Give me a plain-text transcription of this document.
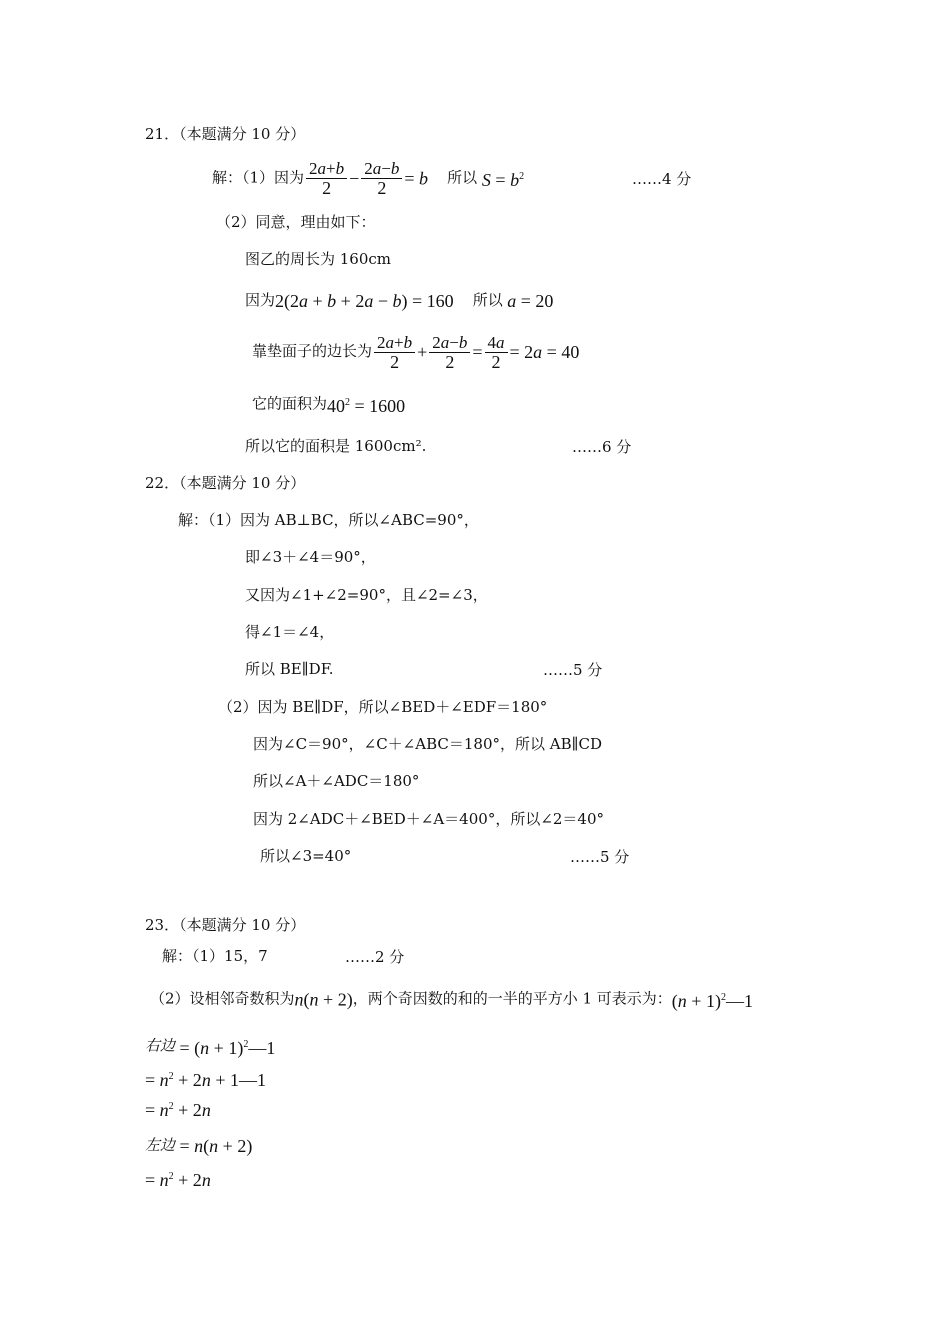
21．（本题满分 10 分）
解：（1）因为 $\frac{2a+b}{2} - \frac{2a-b}{2} = b$ 所以 $S = b^2$	……4 分
（2）同意，理由如下：
图乙的周长为 160cm
因为2(2a + b + 2a − b) = 160 所以 a = 20
靠垫面子的边长为 $\frac{2a+b}{2} + \frac{2a-b}{2} = \frac{4a}{2} = 2a = 40$
它的面积为$40^2 = 1600$
所以它的面积是 1600cm².	……6 分
22．（本题满分 10 分）
解：（1）因为 AB⊥BC，所以∠ABC=90°，
即∠3＋∠4＝90°，
又因为∠1+∠2=90°，且∠2=∠3，
得∠1＝∠4，
所以 BE∥DF.	……5 分
（2）因为 BE∥DF，所以∠BED＋∠EDF＝180°
因为∠C＝90°，∠C＋∠ABC＝180°，所以 AB∥CD
所以∠A＋∠ADC＝180°
因为 2∠ADC＋∠BED＋∠A＝400°，所以∠2＝40°
所以∠3=40°	……5 分
23．（本题满分 10 分）
解：（1）15，7	……2 分
（2）设相邻奇数积为n(n + 2)，两个奇因数的和的一半的平方小 1 可表示为：$(n + 1)^2—1$
右边 = $(n + 1)^2—1$
= $n^2 + 2n$ + 1—1
= $n^2 + 2n$
左边 = n(n + 2)
= $n^2 + 2n$
